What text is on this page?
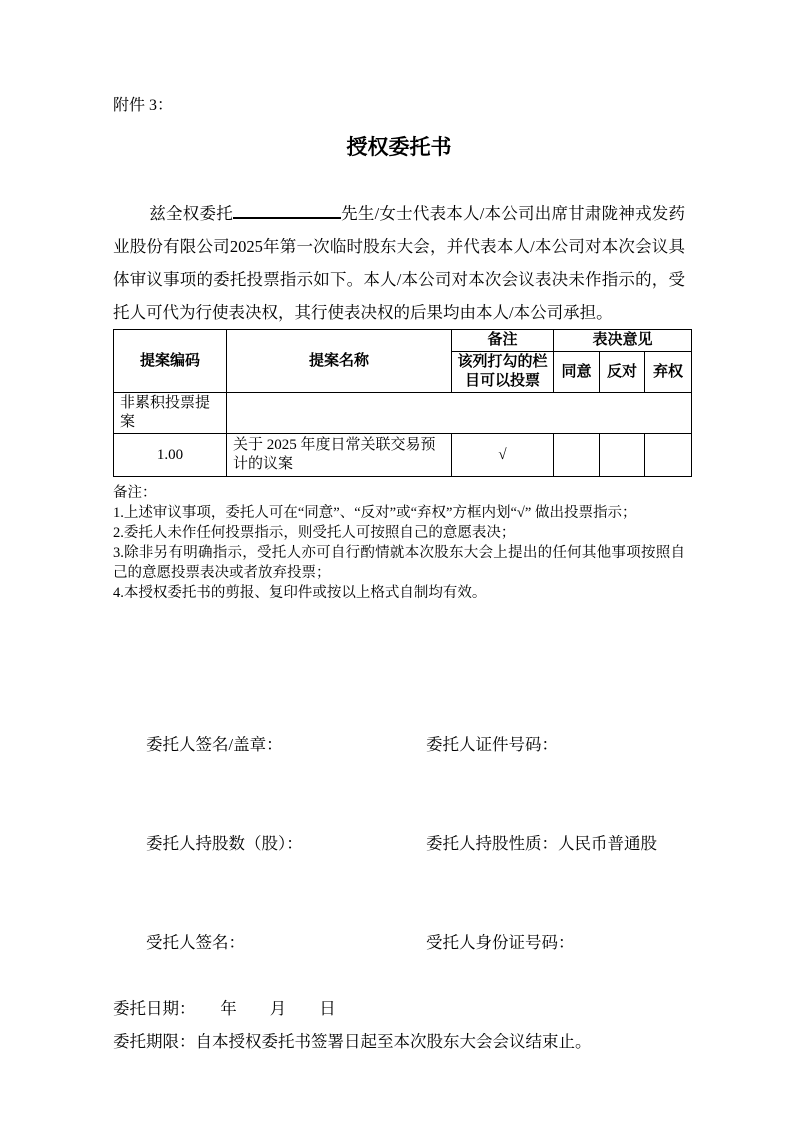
附件 3：
授权委托书

兹全权委托	先生/女士代表本人/本公司出席甘肃陇神戎发药业股份有限公司2025年第一次临时股东大会，并代表本人/本公司对本次会议具体审议事项的委托投票指示如下。本人/本公司对本次会议表决未作指示的，受托人可代为行使表决权，其行使表决权的后果均由本人/本公司承担。

提案编码	提案名称	备注	表决意见		
		该列打勾的栏目可以投票	同意	反对	弃权
非累积投票提案					
1.00	关于 2025 年度日常关联交易预计的议案	√			
备注：
1.上述审议事项，委托人可在“同意”、“反对”或“弃权”方框内划“√” 做出投票指示；
2.委托人未作任何投票指示，则受托人可按照自己的意愿表决；
3.除非另有明确指示，受托人亦可自行酌情就本次股东大会上提出的任何其他事项按照自己的意愿投票表决或者放弃投票；
4.本授权委托书的剪报、复印件或按以上格式自制均有效。

委托人签名/盖章：	委托人证件号码：

委托人持股数（股）：	委托人持股性质：人民币普通股

受托人签名：	受托人身份证号码：

委托日期：　　年　　月　　日
委托期限：自本授权委托书签署日起至本次股东大会会议结束止。
